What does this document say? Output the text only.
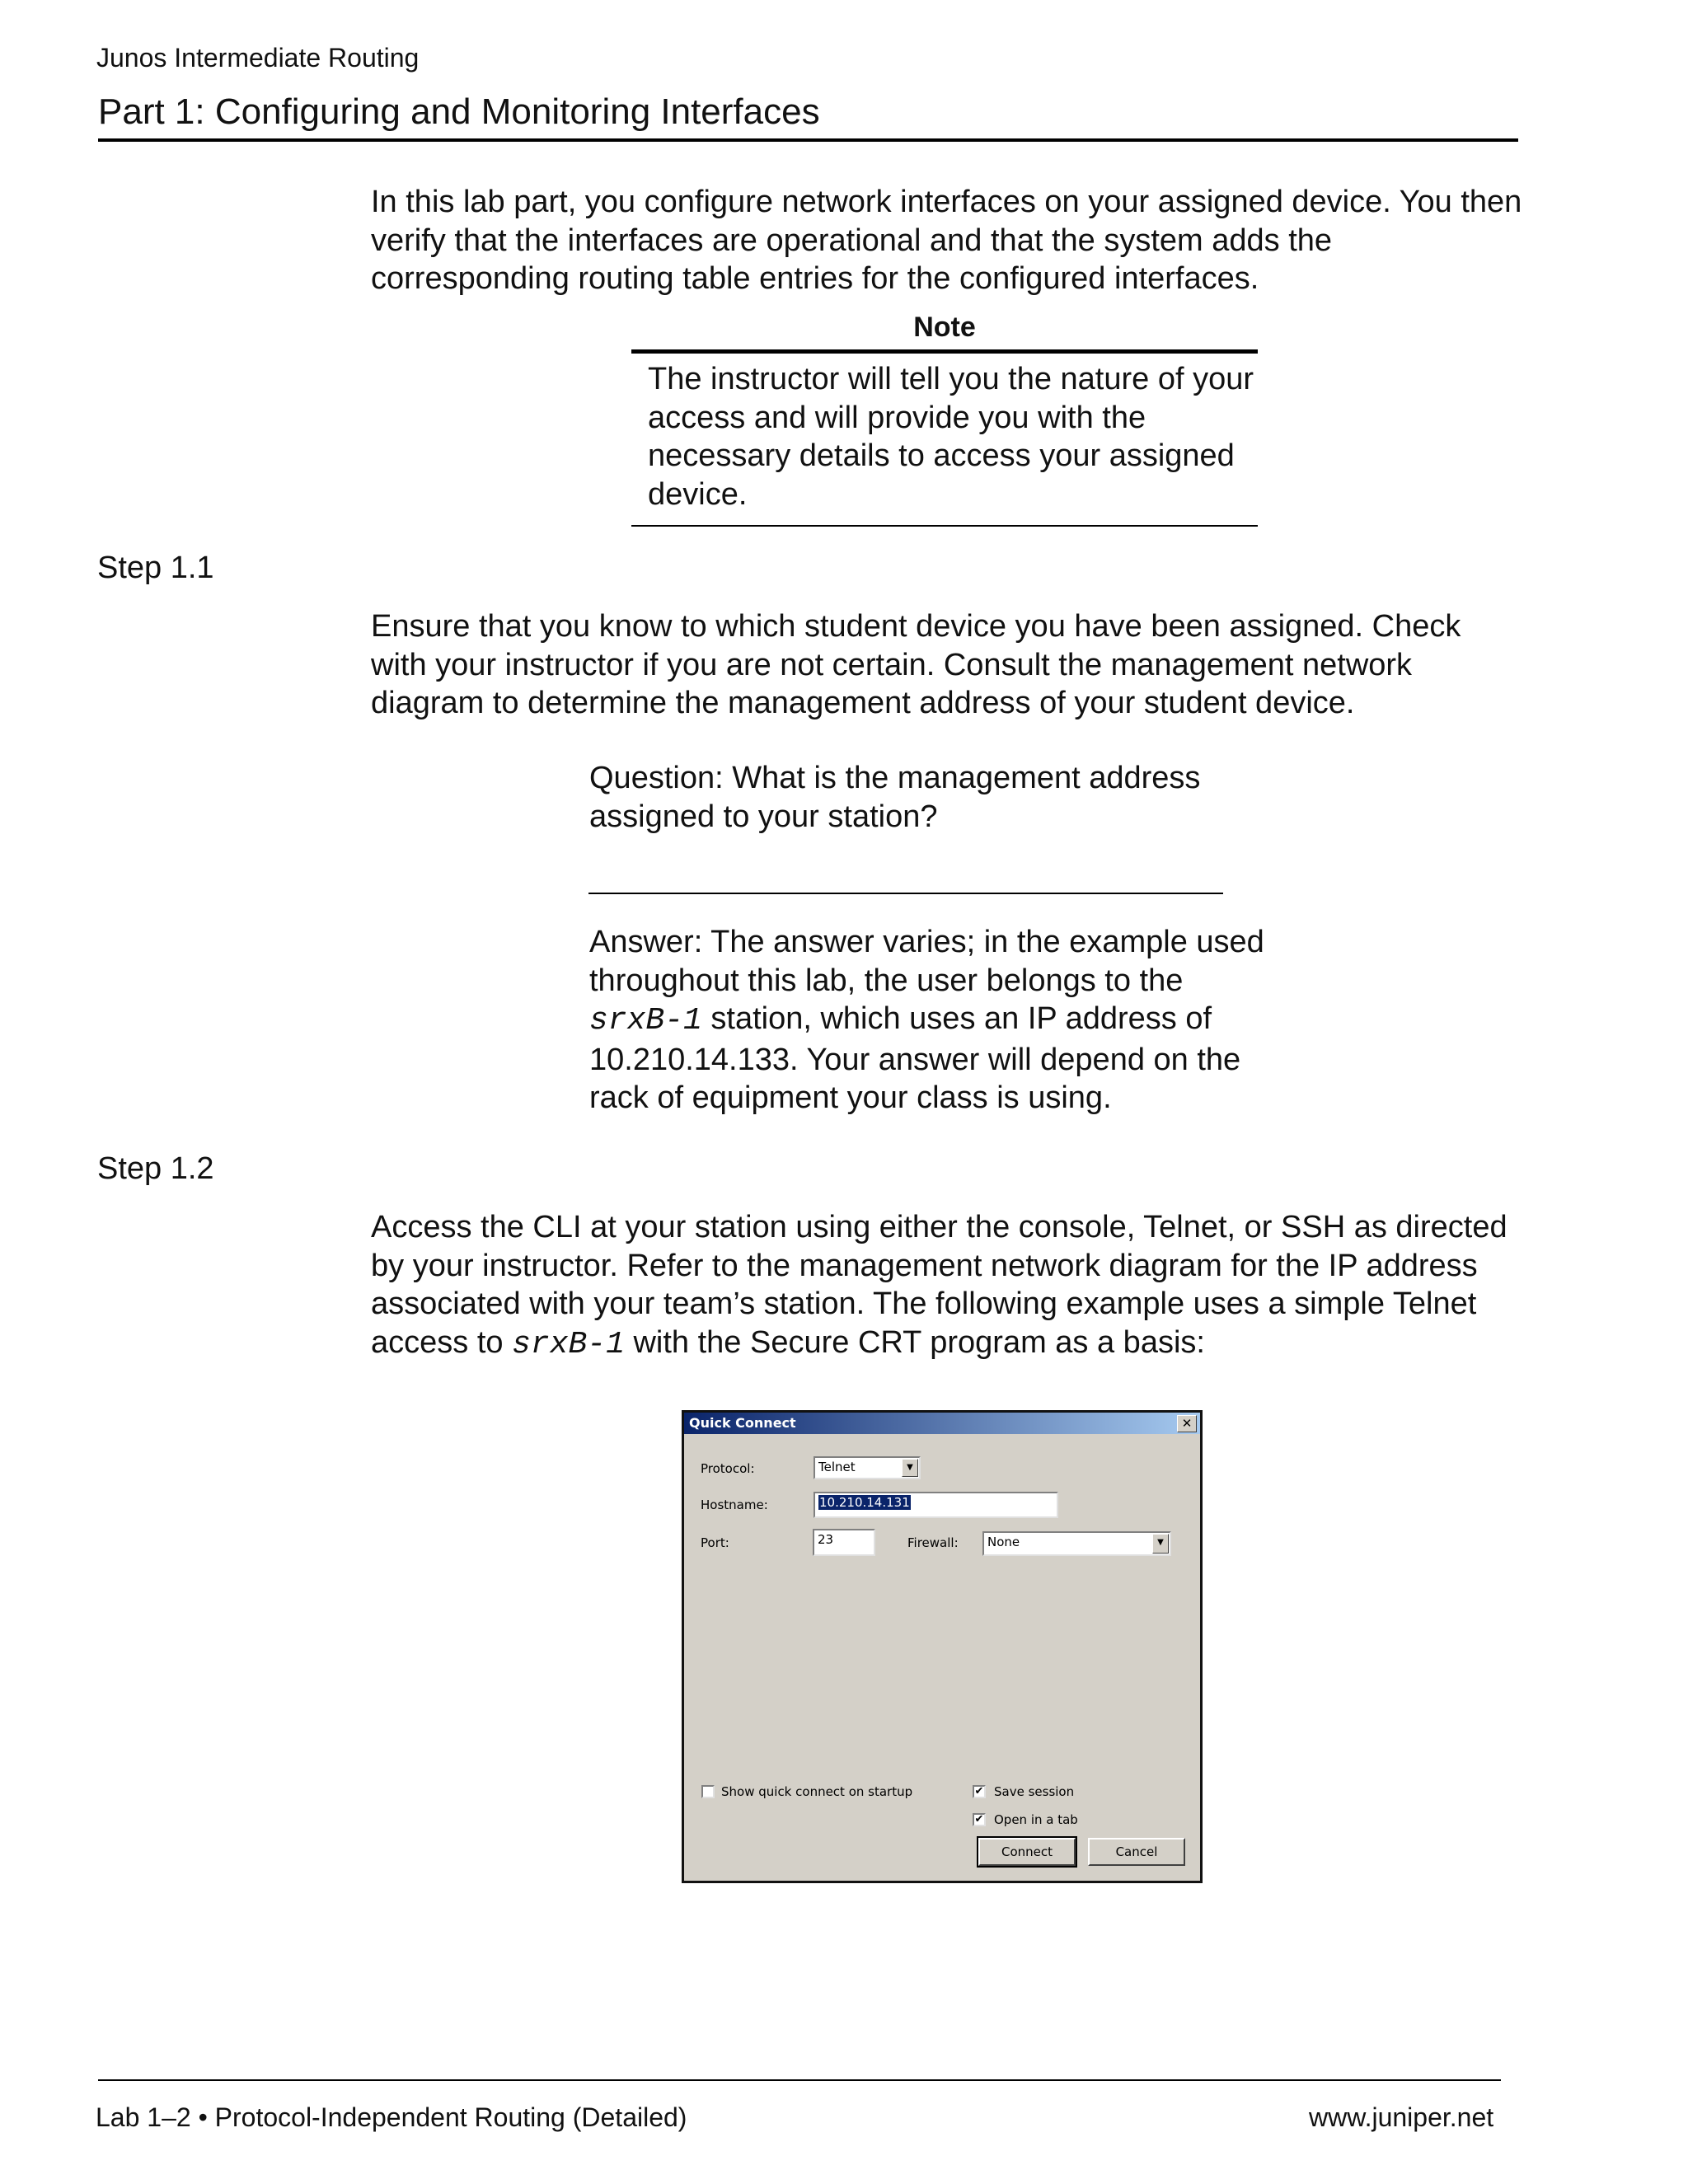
Junos Intermediate Routing
Part 1: Configuring and Monitoring Interfaces
In this lab part, you configure network interfaces on your assigned device. You then verify that the interfaces are operational and that the system adds the corresponding routing table entries for the configured interfaces.
Note
The instructor will tell you the nature of your access and will provide you with the necessary details to access your assigned device.
Step 1.1
Ensure that you know to which student device you have been assigned. Check with your instructor if you are not certain. Consult the management network diagram to determine the management address of your student device.
Question: What is the management address assigned to your station?
Answer: The answer varies; in the example used throughout this lab, the user belongs to the srxB-1 station, which uses an IP address of 10.210.14.133. Your answer will depend on the rack of equipment your class is using.
Step 1.2
Access the CLI at your station using either the console, Telnet, or SSH as directed by your instructor. Refer to the management network diagram for the IP address associated with your team’s station. The following example uses a simple Telnet access to srxB-1 with the Secure CRT program as a basis:
Quick Connect	✕
Protocol:	Telnet	▼
Hostname:	10.210.14.131
Port:	23	Firewall:	None	▼
Show quick connect on startup	✔ Save session
✔ Open in a tab
Connect	Cancel
Lab 1–2 • Protocol-Independent Routing (Detailed)	www.juniper.net
